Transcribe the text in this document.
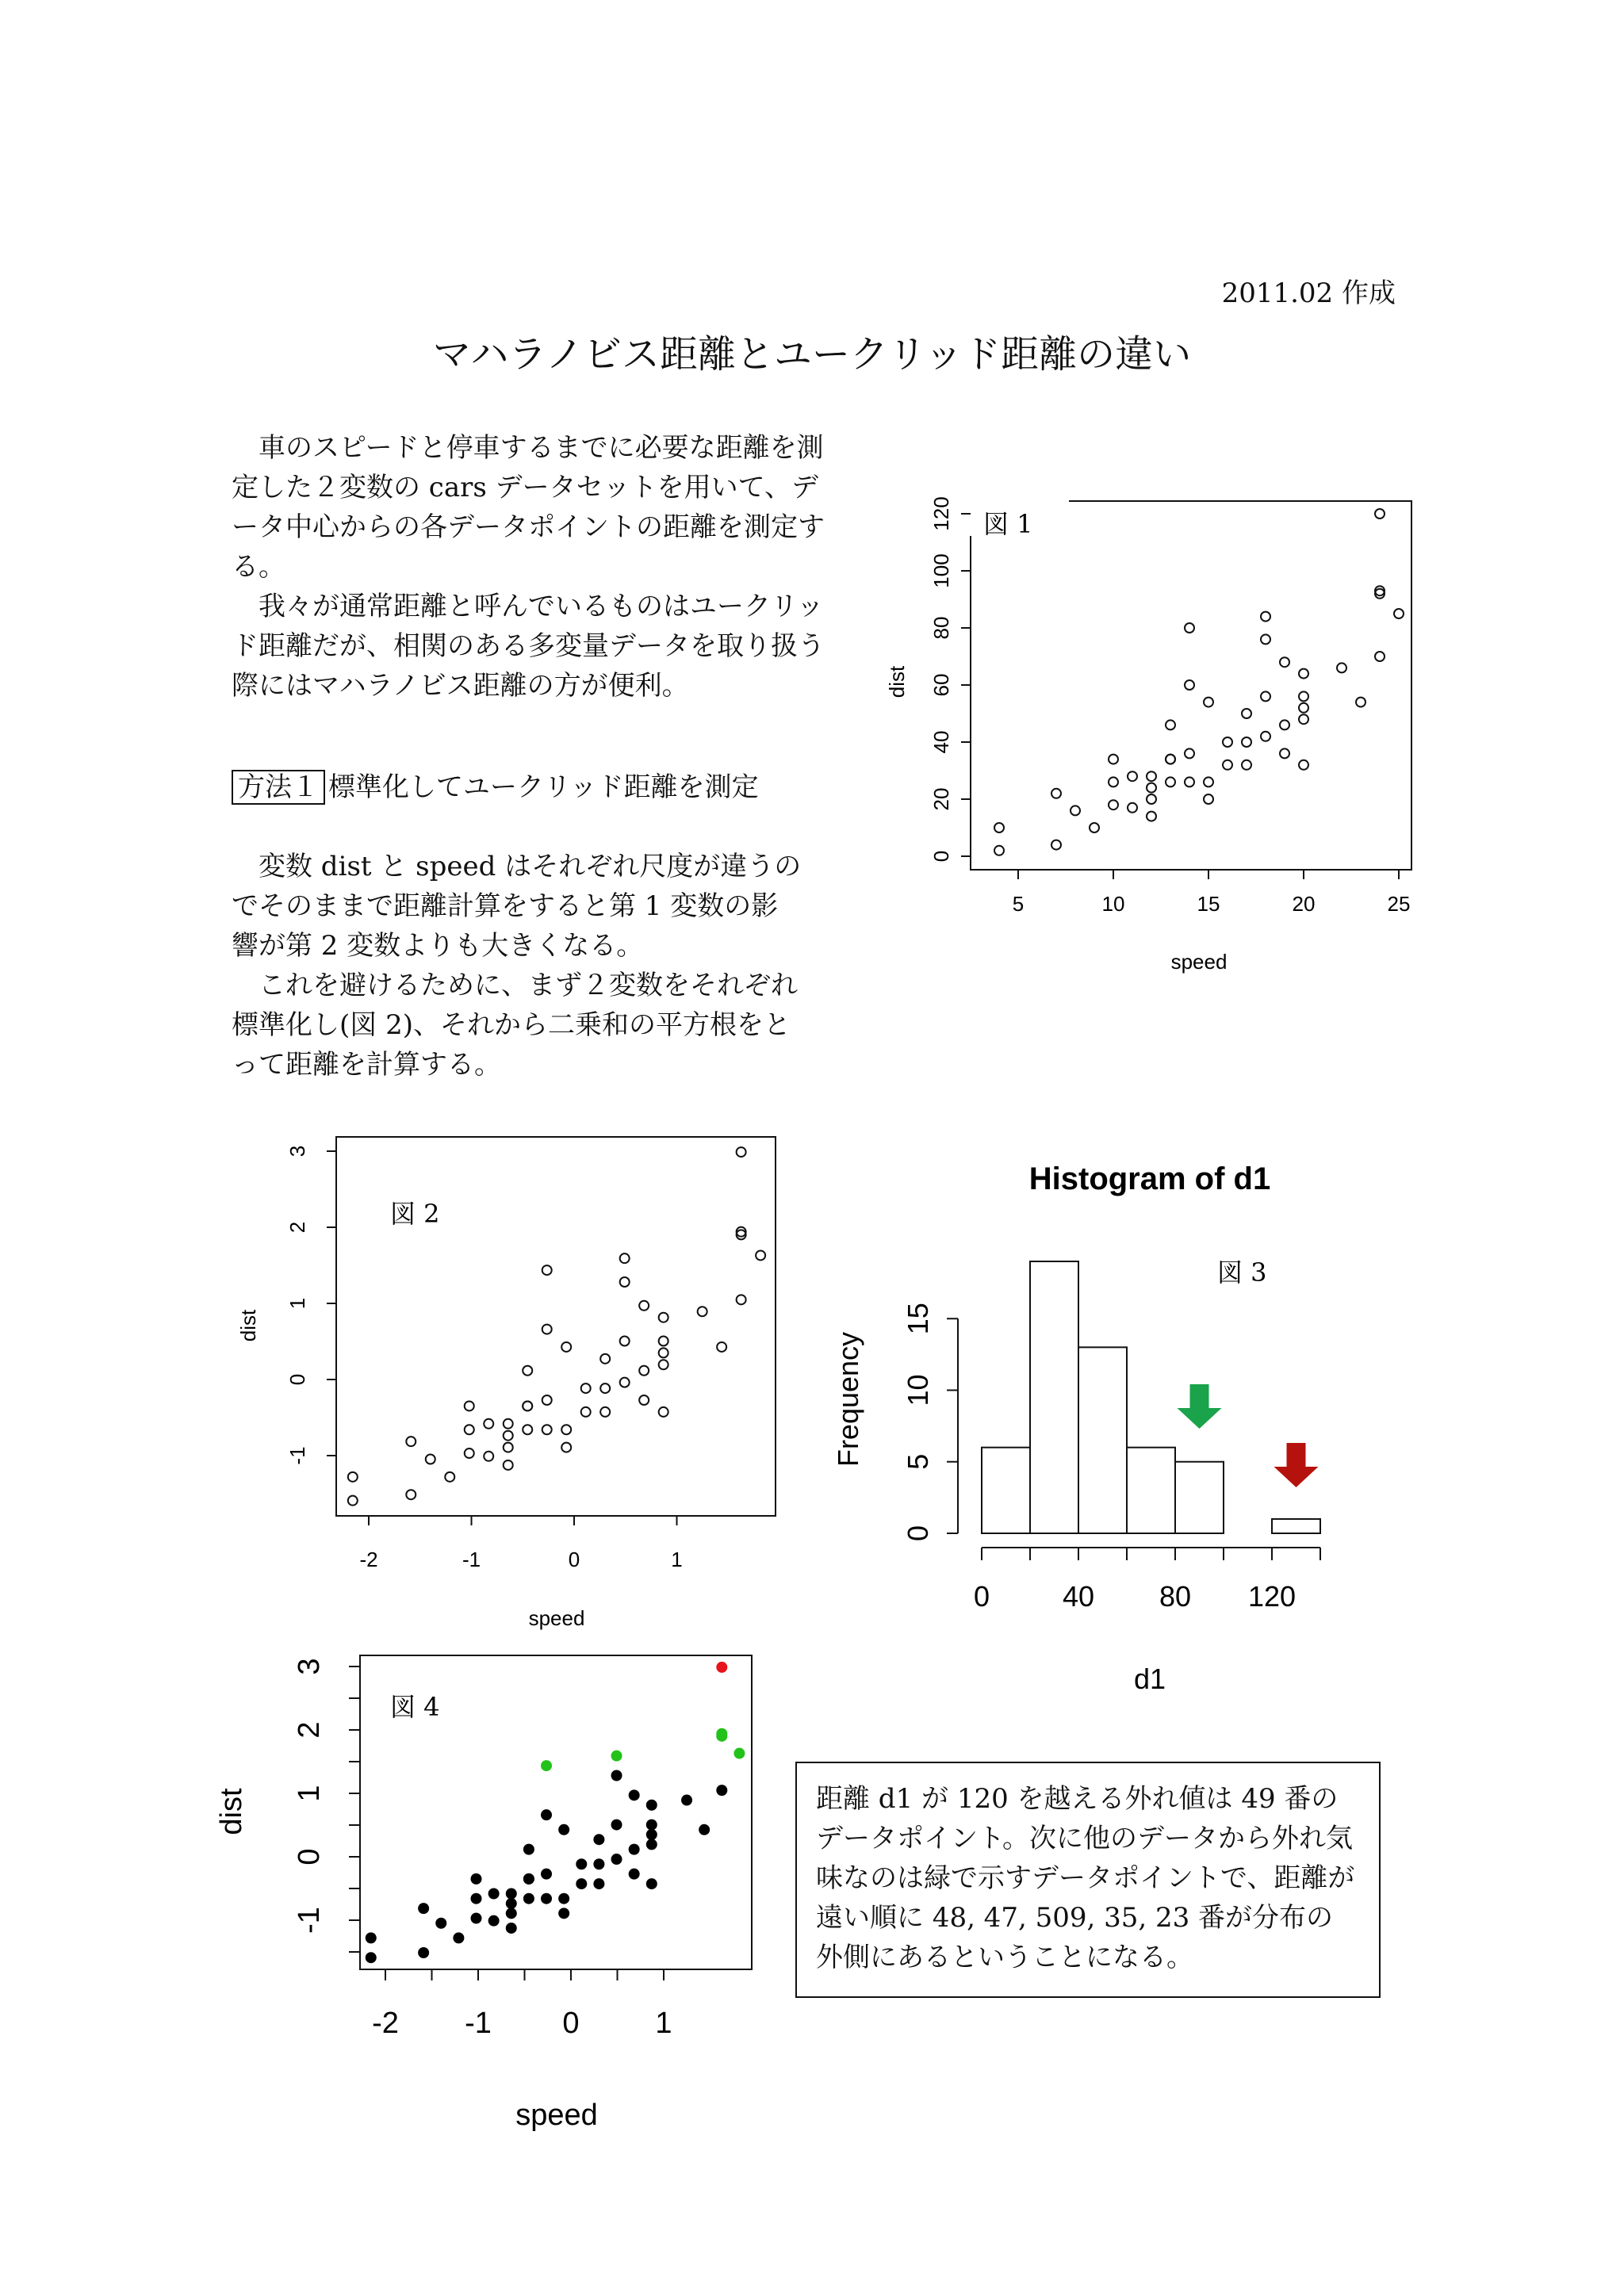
2011.02 作成
マハラノビス距離とユークリッド距離の違い

車のスピードと停車するまでに必要な距離を測定した２変数の cars データセットを用いて、データ中心からの各データポイントの距離を測定する。

我々が通常距離と呼んでいるものはユークリッド距離だが、相関のある多変量データを取り扱う際にはマハラノビス距離の方が便利。

方法１ 標準化してユークリッド距離を測定

変数 dist と speed はそれぞれ尺度が違うのでそのままで距離計算をすると第 1 変数の影響が第 2 変数よりも大きくなる。

これを避けるために、まず２変数をそれぞれ標準化し(図 2)、それから二乗和の平方根をとって距離を計算する。

図 1
5	10	15	20	25
0
20
40
60
80
100
120
speed
dist
図 2
-2	-1	0	1
-1
0
1
2
3
speed
dist
Histogram of d1
図 3
0	40 80 120
0
5
10
15
d1
Frequency
図 4
-2 -1 0	1
-1
0
1
2
3
speed
dist	距離 d1 が 120 を越える外れ値は 49 番のデータポイント。次に他のデータから外れ気味なのは緑で示すデータポイントで、距離が遠い順に 48, 47, 509, 35, 23 番が分布の外側にあるということになる。
